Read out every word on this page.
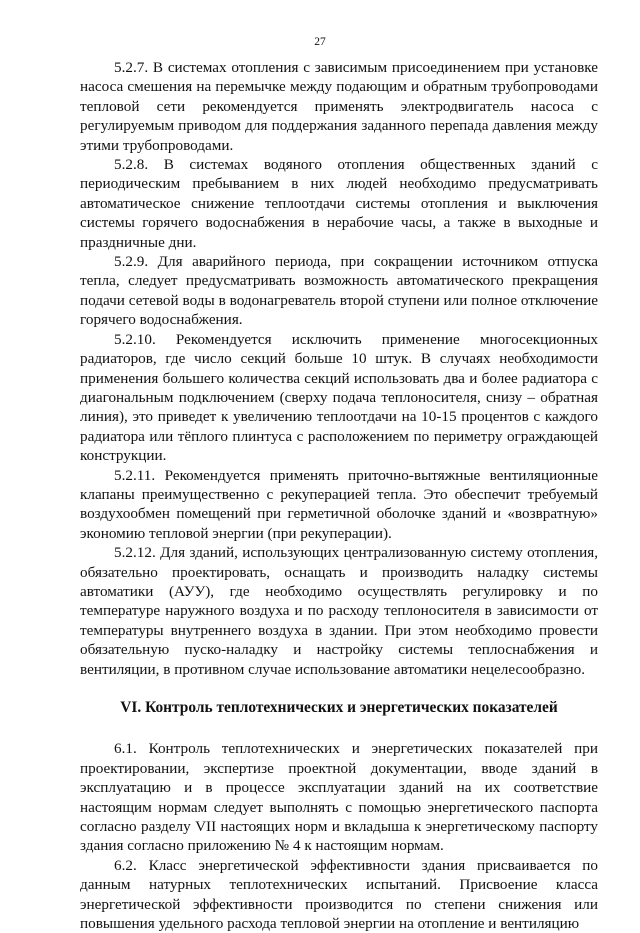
27

5.2.7. В системах отопления с зависимым присоединением при установке насоса смешения на перемычке между подающим и обратным трубопроводами тепловой сети рекомендуется применять электродвигатель насоса с регулируемым приводом для поддержания заданного перепада давления между этими трубопроводами.

5.2.8. В системах водяного отопления общественных зданий с периодическим пребыванием в них людей необходимо предусматривать автоматическое снижение теплоотдачи системы отопления и выключения системы горячего водоснабжения в нерабочие часы, а также в выходные и праздничные дни.

5.2.9. Для аварийного периода, при сокращении источником отпуска тепла, следует предусматривать возможность автоматического прекращения подачи сетевой воды в водонагреватель второй ступени или полное отключение горячего водоснабжения.

5.2.10. Рекомендуется исключить применение многосекционных радиаторов, где число секций больше 10 штук. В случаях необходимости применения большего количества секций использовать два и более радиатора с диагональным подключением (сверху подача теплоносителя, снизу – обратная линия), это приведет к увеличению теплоотдачи на 10-15 процентов с каждого радиатора или тёплого плинтуса с расположением по периметру ограждающей конструкции.

5.2.11. Рекомендуется применять приточно-вытяжные вентиляционные клапаны преимущественно с рекуперацией тепла. Это обеспечит требуемый воздухообмен помещений при герметичной оболочке зданий и «возвратную» экономию тепловой энергии (при рекуперации).

5.2.12. Для зданий, использующих централизованную систему отопления, обязательно проектировать, оснащать и производить наладку системы автоматики (АУУ), где необходимо осуществлять регулировку и по температуре наружного воздуха и по расходу теплоносителя в зависимости от температуры внутреннего воздуха в здании. При этом необходимо провести обязательную пуско-наладку и настройку системы теплоснабжения и вентиляции, в противном случае использование автоматики нецелесообразно.

VI. Контроль теплотехнических и энергетических показателей

6.1. Контроль теплотехнических и энергетических показателей при проектировании, экспертизе проектной документации, вводе зданий в эксплуатацию и в процессе эксплуатации зданий на их соответствие настоящим нормам следует выполнять с помощью энергетического паспорта согласно разделу VII настоящих норм и вкладыша к энергетическому паспорту здания согласно приложению № 4 к настоящим нормам.

6.2. Класс энергетической эффективности здания присваивается по данным натурных теплотехнических испытаний. Присвоение класса энергетической эффективности производится по степени снижения или повышения удельного расхода тепловой энергии на отопление и вентиляцию
